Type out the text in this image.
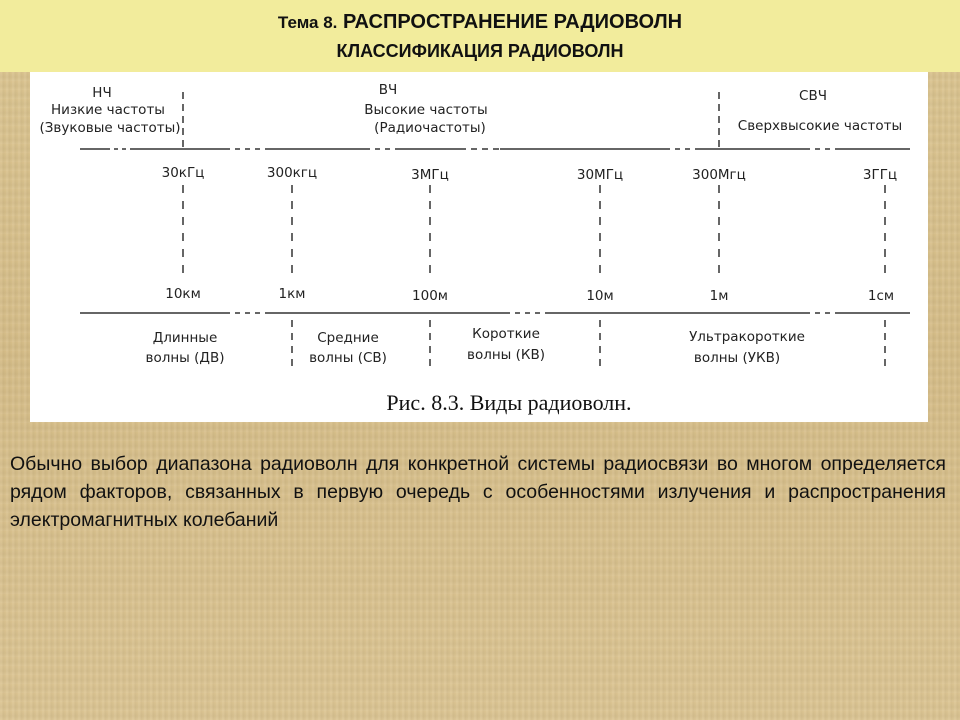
Тема 8. РАСПРОСТРАНЕНИЕ РАДИОВОЛН
КЛАССИФИКАЦИЯ РАДИОВОЛН
НЧ
Низкие частоты
(Звуковые частоты)
ВЧ
Высокие частоты
(Радиочастоты)
СВЧ
Сверхвысокие частоты
30кГц	300кгц	3МГц	30МГц	300Мгц	3ГГц
10км	1км	100м	10м	1м	1см
Длинные
волны (ДВ)
Средние
волны (СВ)
Короткие
волны (КВ)
Ультракороткие
волны (УКВ)
Рис. 8.3. Виды радиоволн.
Обычно выбор диапазона радиоволн для конкретной системы радиосвязи во многом определяется рядом факторов, связанных в первую очередь с особенностями излучения и распространения электромагнитных колебаний
